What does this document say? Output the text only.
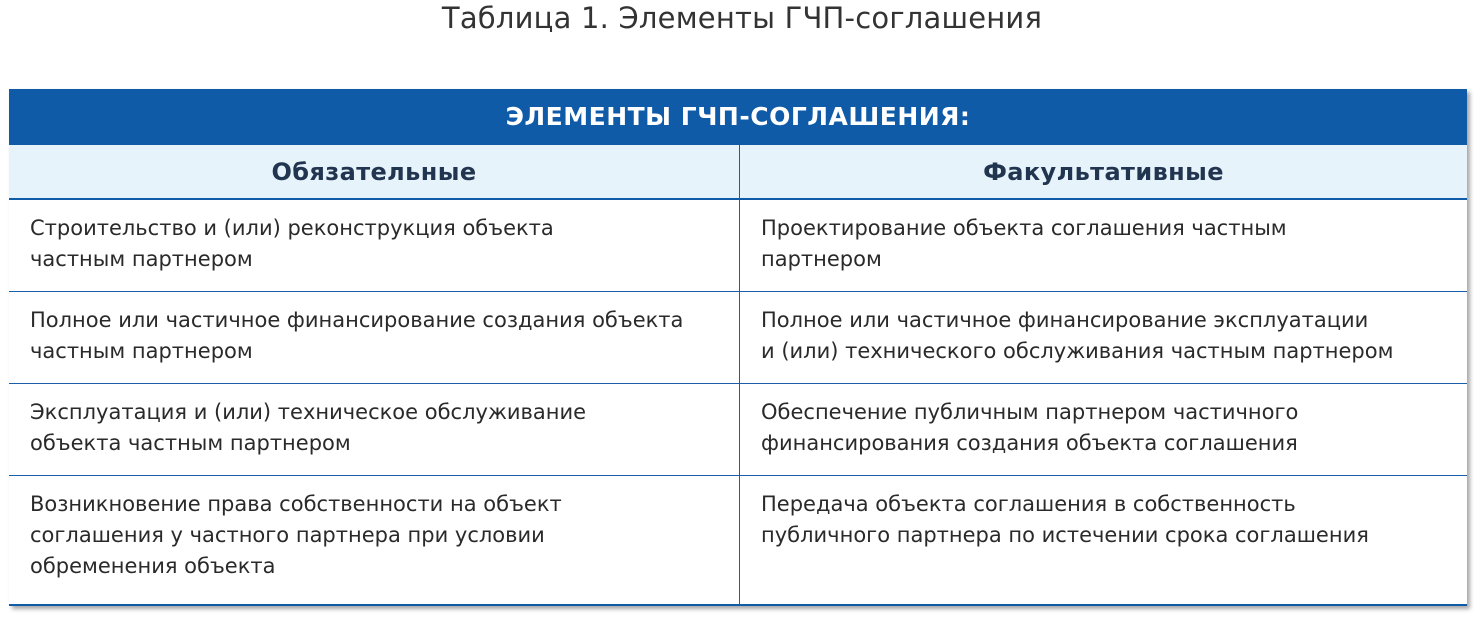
Таблица 1. Элементы ГЧП-соглашения
ЭЛЕМЕНТЫ ГЧП-СОГЛАШЕНИЯ:
Обязательные	Факультативные
Строительство и (или) реконструкция объекта
частным партнером
Проектирование объекта соглашения частным
партнером
Полное или частичное финансирование создания объекта
частным партнером
Полное или частичное финансирование эксплуатации
и (или) технического обслуживания частным партнером
Эксплуатация и (или) техническое обслуживание
объекта частным партнером
Обеспечение публичным партнером частичного
финансирования создания объекта соглашения
Возникновение права собственности на объект
соглашения у частного партнера при условии
обременения объекта
Передача объекта соглашения в собственность
публичного партнера по истечении срока соглашения
